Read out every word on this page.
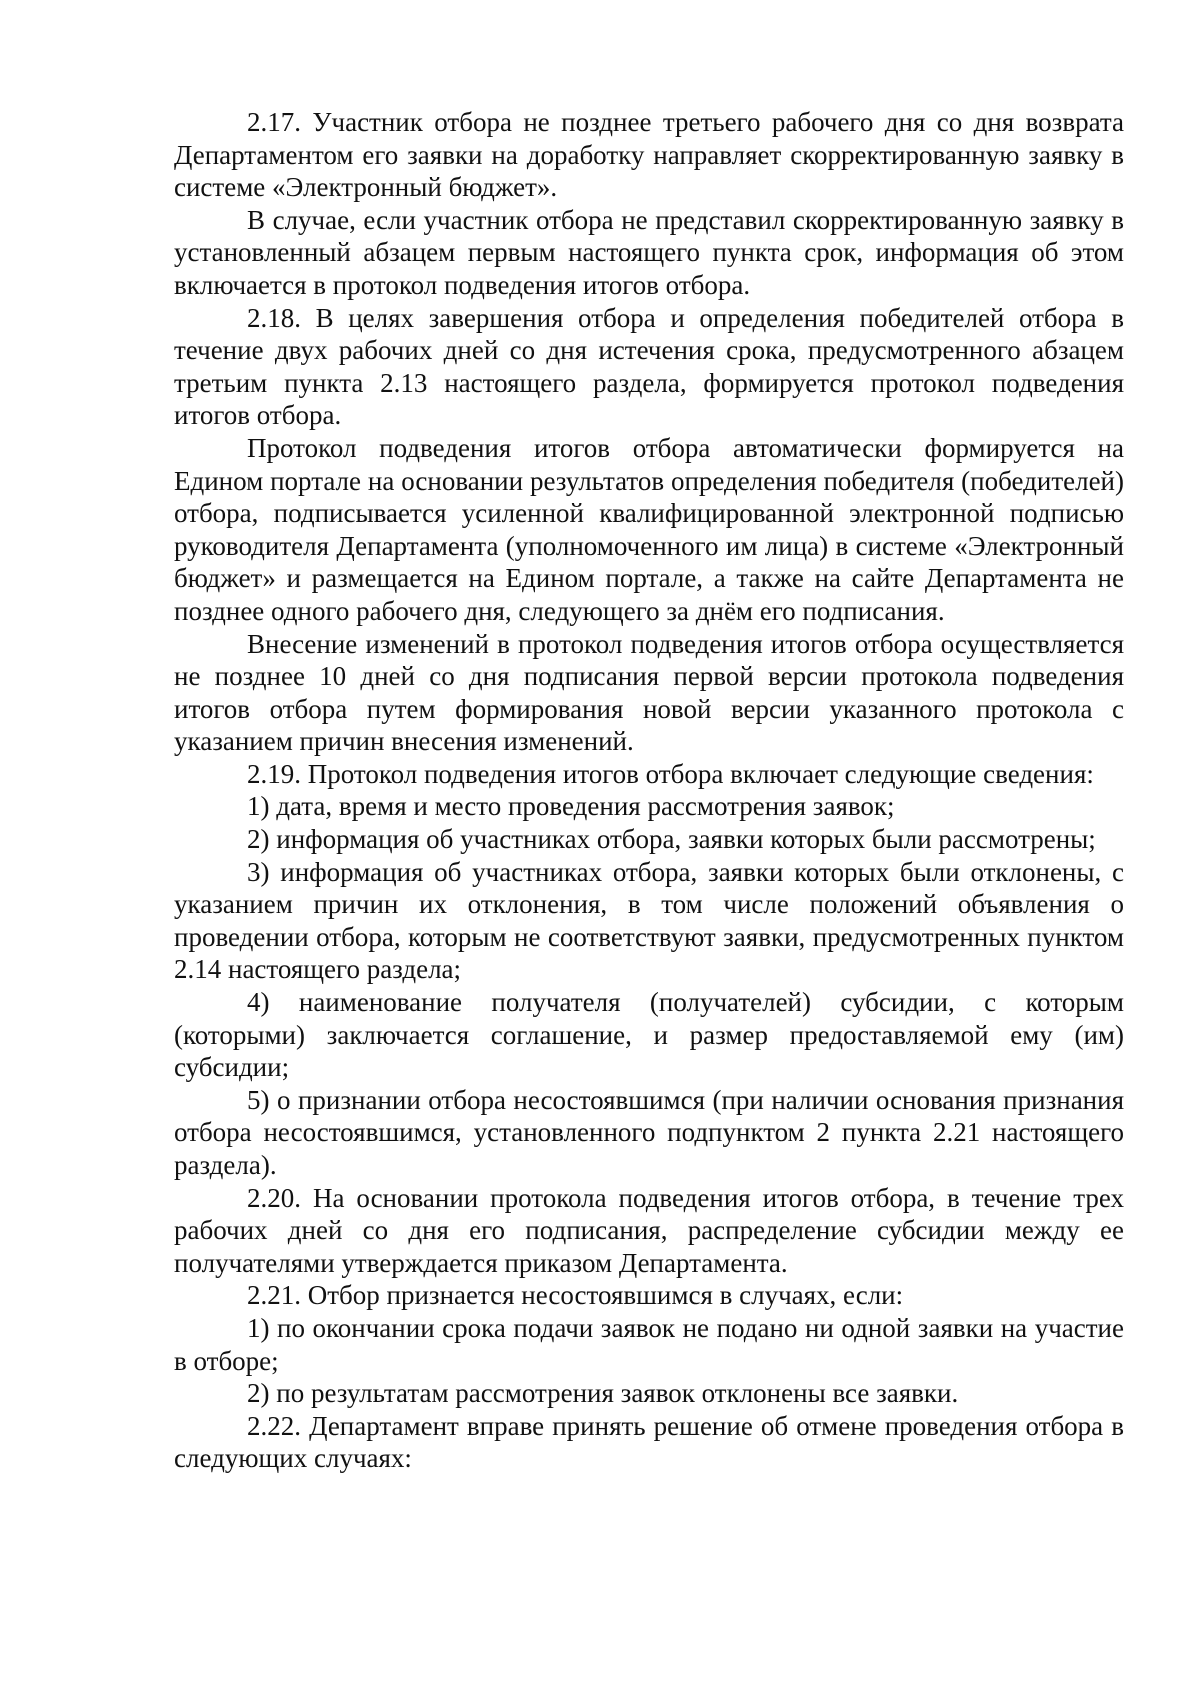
2.17. Участник отбора не позднее третьего рабочего дня со дня возврата Департаментом его заявки на доработку направляет скорректированную заявку в системе «Электронный бюджет».

В случае, если участник отбора не представил скорректированную заявку в установленный абзацем первым настоящего пункта срок, информация об этом включается в протокол подведения итогов отбора.

2.18. В целях завершения отбора и определения победителей отбора в течение двух рабочих дней со дня истечения срока, предусмотренного абзацем третьим пункта 2.13 настоящего раздела, формируется протокол подведения итогов отбора.

Протокол подведения итогов отбора автоматически формируется на Едином портале на основании результатов определения победителя (победителей) отбора, подписывается усиленной квалифицированной электронной подписью руководителя Департамента (уполномоченного им лица) в системе «Электронный бюджет» и размещается на Едином портале, а также на сайте Департамента не позднее одного рабочего дня, следующего за днём его подписания.

Внесение изменений в протокол подведения итогов отбора осуществляется не позднее 10 дней со дня подписания первой версии протокола подведения итогов отбора путем формирования новой версии указанного протокола с указанием причин внесения изменений.

2.19. Протокол подведения итогов отбора включает следующие сведения:

1) дата, время и место проведения рассмотрения заявок;

2) информация об участниках отбора, заявки которых были рассмотрены;

3) информация об участниках отбора, заявки которых были отклонены, с указанием причин их отклонения, в том числе положений объявления о проведении отбора, которым не соответствуют заявки, предусмотренных пунктом 2.14 настоящего раздела;

4) наименование получателя (получателей) субсидии, с которым (которыми) заключается соглашение, и размер предоставляемой ему (им) субсидии;

5) о признании отбора несостоявшимся (при наличии основания признания отбора несостоявшимся, установленного подпунктом 2 пункта 2.21 настоящего раздела).

2.20. На основании протокола подведения итогов отбора, в течение трех рабочих дней со дня его подписания, распределение субсидии между ее получателями утверждается приказом Департамента.

2.21. Отбор признается несостоявшимся в случаях, если:

1) по окончании срока подачи заявок не подано ни одной заявки на участие в отборе;

2) по результатам рассмотрения заявок отклонены все заявки.

2.22. Департамент вправе принять решение об отмене проведения отбора в следующих случаях:
